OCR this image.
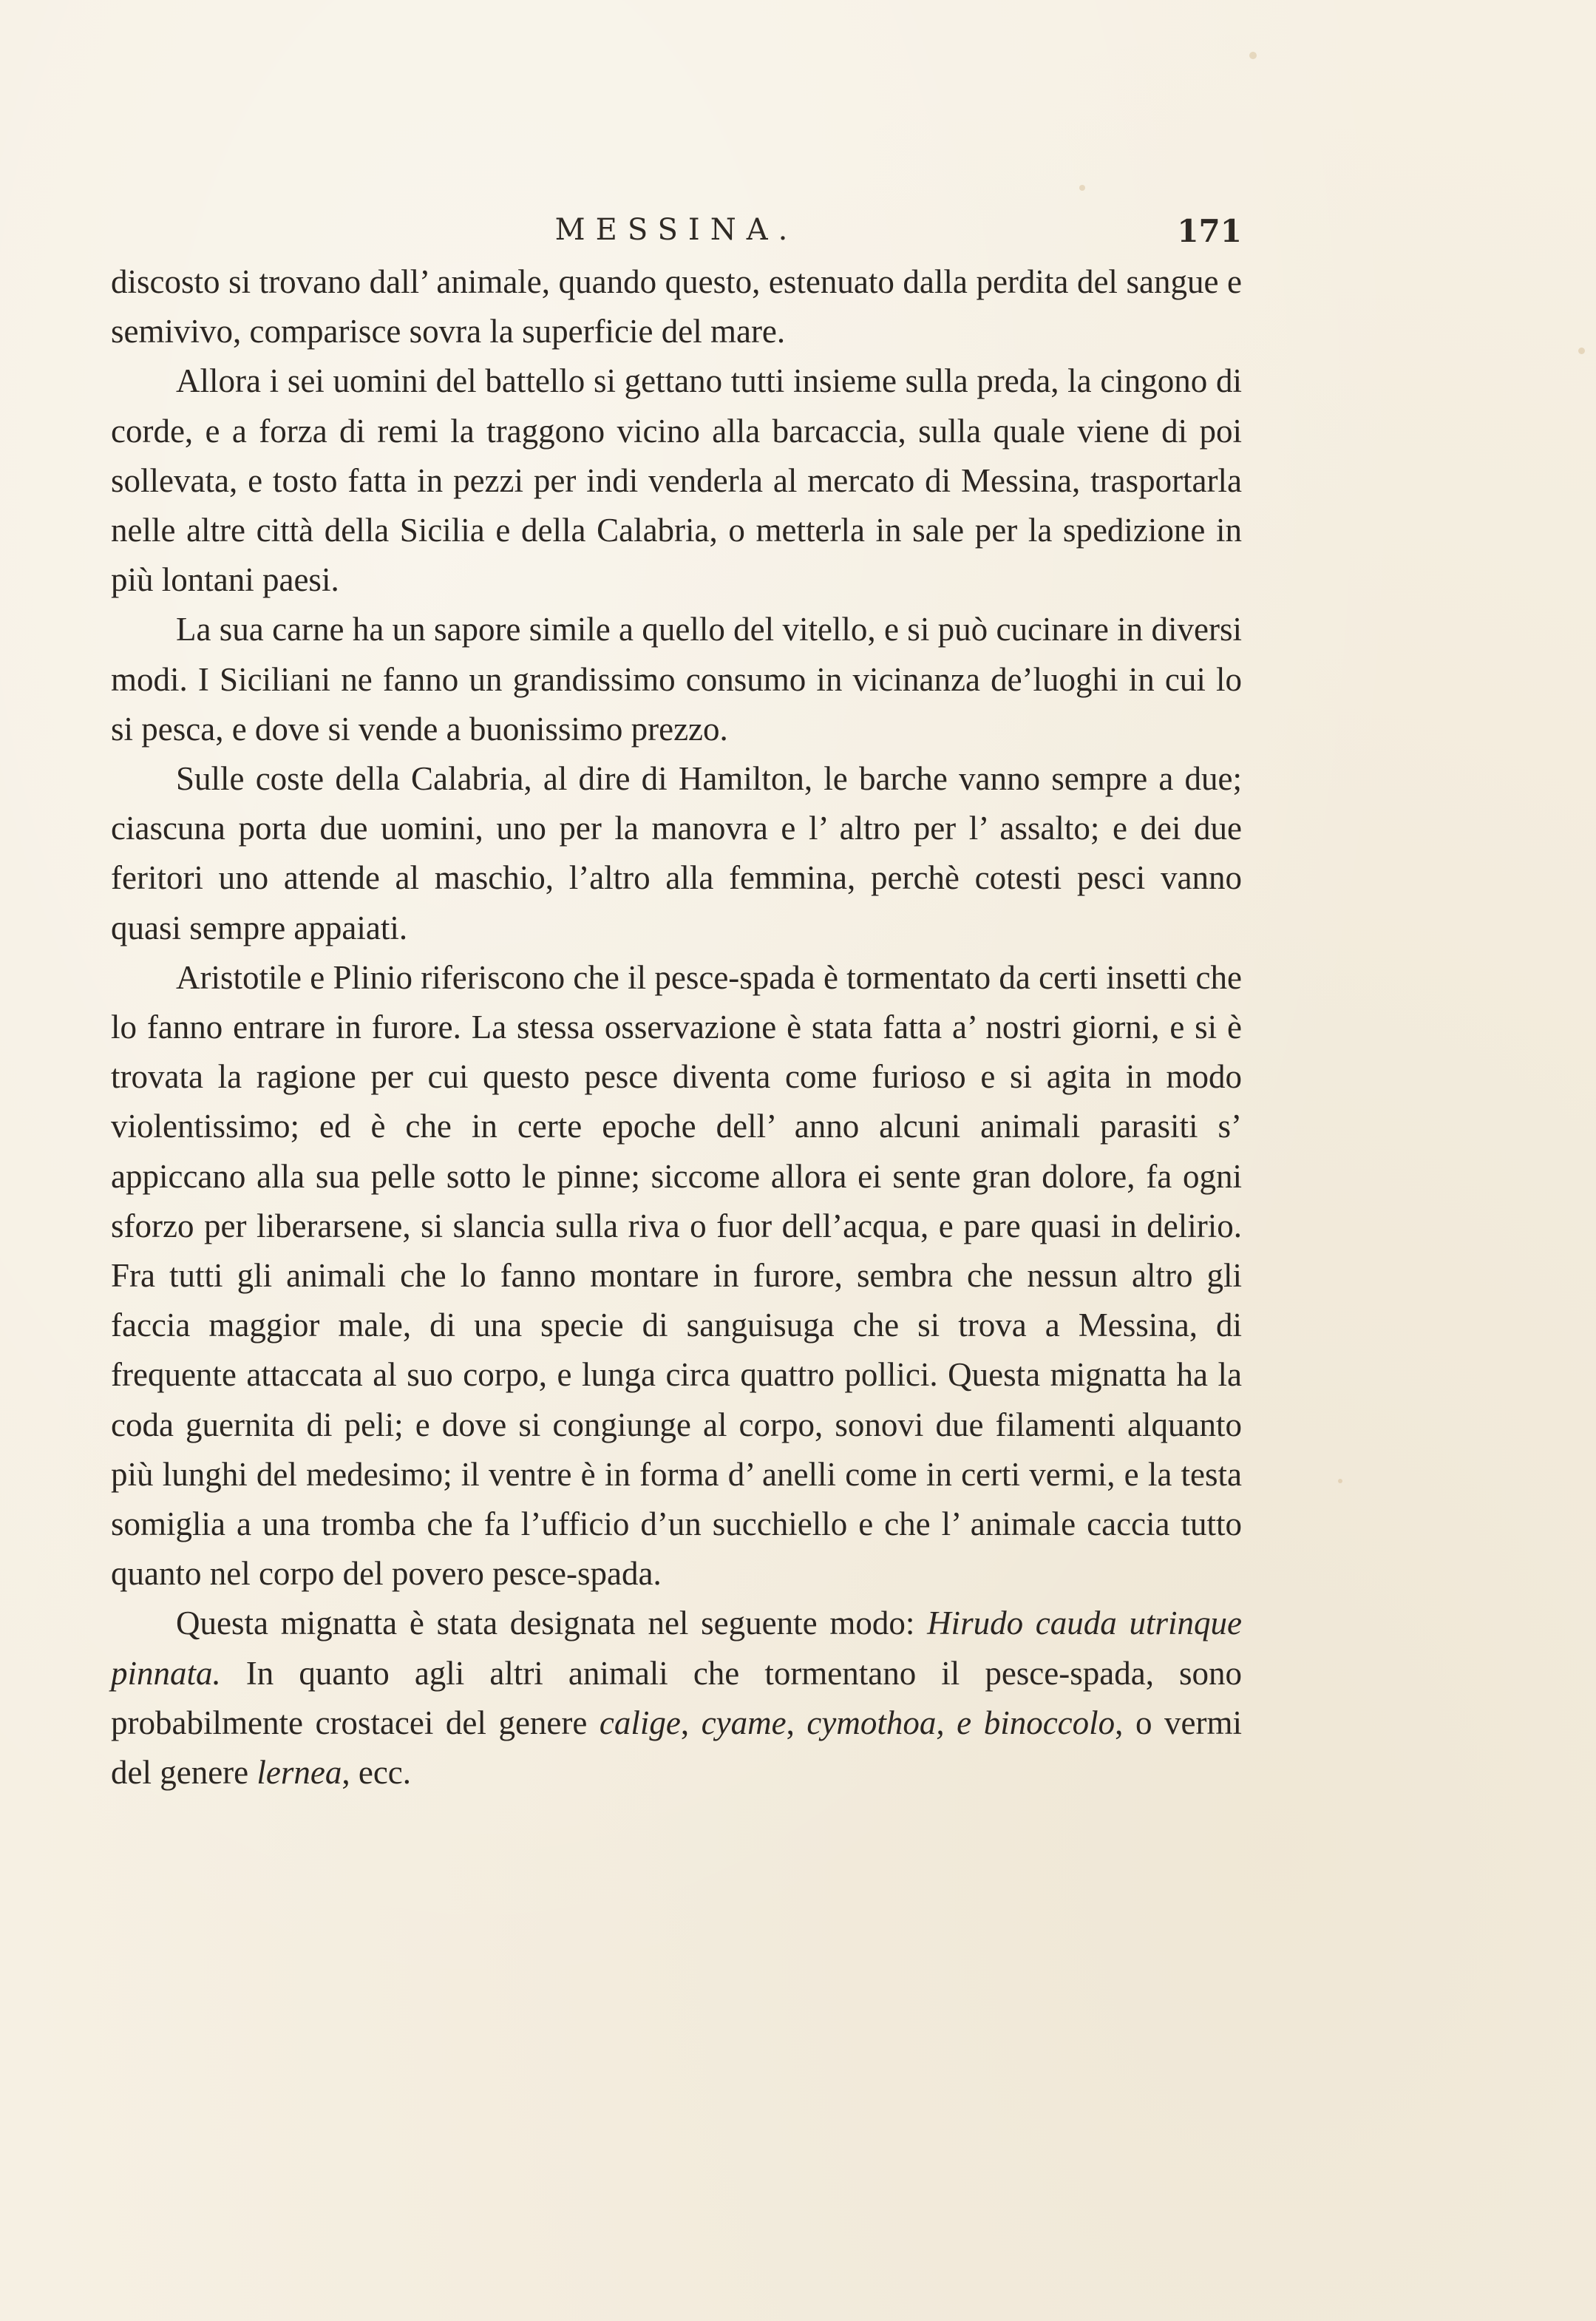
MESSINA.	171

discosto si trovano dall’ animale, quando questo, estenuato dalla perdita del sangue e semivivo, comparisce sovra la superficie del mare.

Allora i sei uomini del battello si gettano tutti insieme sulla preda, la cingono di corde, e a forza di remi la traggono vicino alla barcaccia, sulla quale viene di poi sollevata, e tosto fatta in pezzi per indi venderla al mercato di Messina, trasportarla nelle altre città della Sicilia e della Calabria, o metterla in sale per la spedizione in più lontani paesi.

La sua carne ha un sapore simile a quello del vitello, e si può cucinare in diversi modi. I Siciliani ne fanno un grandissimo consumo in vicinanza de’luoghi in cui lo si pesca, e dove si vende a buonissimo prezzo.

Sulle coste della Calabria, al dire di Hamilton, le barche vanno sempre a due; ciascuna porta due uomini, uno per la manovra e l’ altro per l’ assalto; e dei due feritori uno attende al maschio, l’altro alla femmina, perchè cotesti pesci vanno quasi sempre appaiati.

Aristotile e Plinio riferiscono che il pesce-spada è tormentato da certi insetti che lo fanno entrare in furore. La stessa osservazione è stata fatta a’ nostri giorni, e si è trovata la ragione per cui questo pesce diventa come furioso e si agita in modo violentissimo; ed è che in certe epoche dell’ anno alcuni animali parasiti s’ appiccano alla sua pelle sotto le pinne; siccome allora ei sente gran dolore, fa ogni sforzo per liberarsene, si slancia sulla riva o fuor dell’acqua, e pare quasi in delirio. Fra tutti gli animali che lo fanno montare in furore, sembra che nessun altro gli faccia maggior male, di una specie di sanguisuga che si trova a Messina, di frequente attaccata al suo corpo, e lunga circa quattro pollici. Questa mignatta ha la coda guernita di peli; e dove si congiunge al corpo, sonovi due filamenti alquanto più lunghi del medesimo; il ventre è in forma d’ anelli come in certi vermi, e la testa somiglia a una tromba che fa l’ufficio d’un succhiello e che l’ animale caccia tutto quanto nel corpo del povero pesce-spada.

Questa mignatta è stata designata nel seguente modo: Hirudo cauda utrinque pinnata. In quanto agli altri animali che tormentano il pesce-spada, sono probabilmente crostacei del genere calige, cyame, cymothoa, e binoccolo, o vermi del genere lernea, ecc.
